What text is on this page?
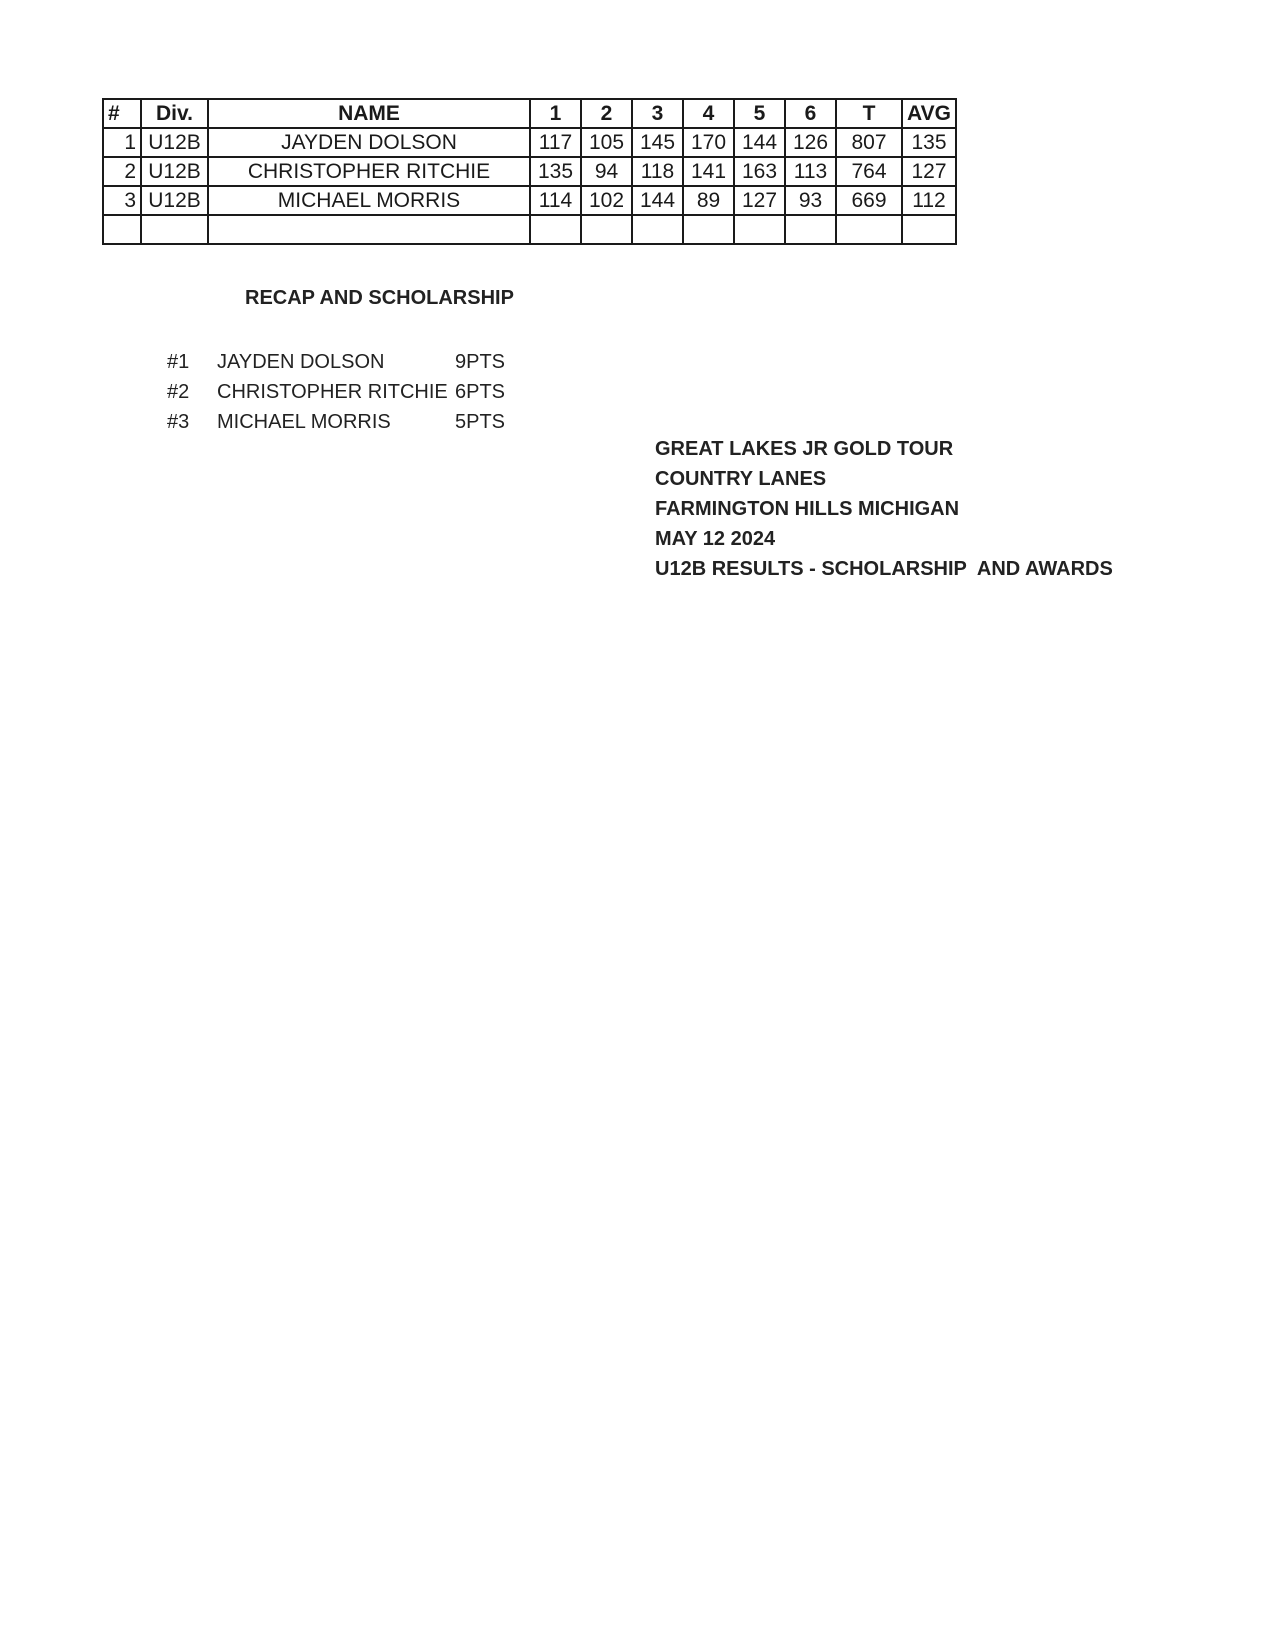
#	Div.	NAME	1	2	3	4	5	6	T	AVG
1	U12B	JAYDEN DOLSON	117	105	145	170	144	126	807	135
2	U12B	CHRISTOPHER RITCHIE	135	94	118	141	163	113	764	127
3	U12B	MICHAEL MORRIS	114	102	144	89	127	93	669	112

RECAP AND SCHOLARSHIP
#1 JAYDEN DOLSON	9PTS
#2 CHRISTOPHER RITCHIE 6PTS
#3 MICHAEL MORRIS	5PTS
GREAT LAKES JR GOLD TOUR
COUNTRY LANES
FARMINGTON HILLS MICHIGAN
MAY 12 2024
U12B RESULTS - SCHOLARSHIP  AND AWARDS
